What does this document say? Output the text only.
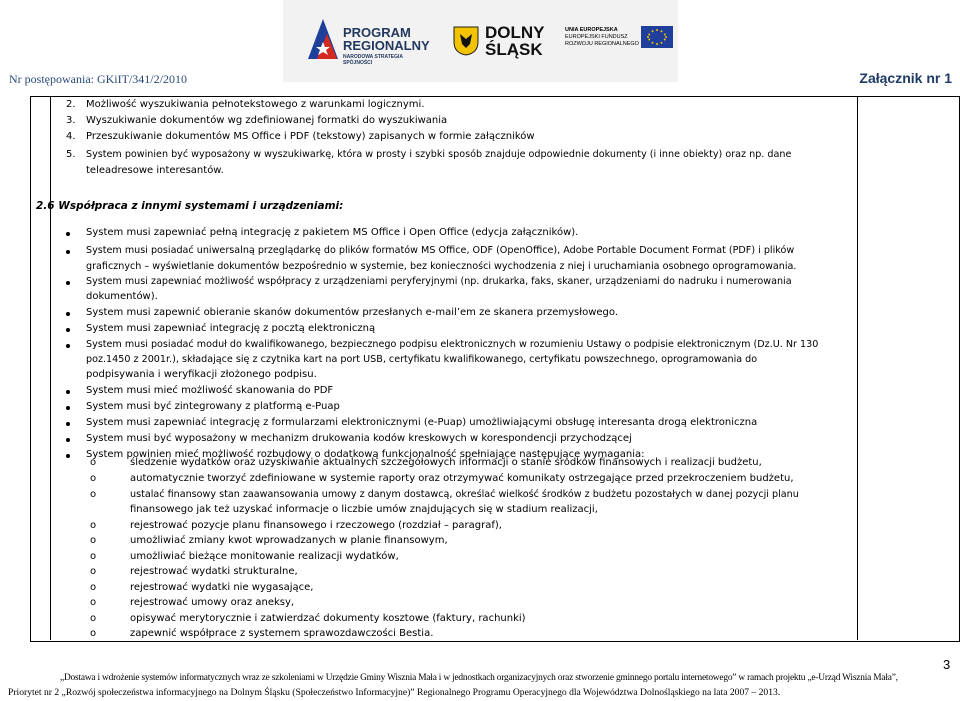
PROGRAM
REGIONALNY
NARODOWA STRATEGIA SPÓJNOŚCI
DOLNY
ŚLĄSK
UNIA EUROPEJSKA
EUROPEJSKI FUNDUSZ
ROZWOJU REGIONALNEGO
Nr postępowania: GKiIT/341/2/2010	Załącznik nr 1
2. Możliwość wyszukiwania pełnotekstowego z warunkami logicznymi.
3. Wyszukiwanie dokumentów wg zdefiniowanej formatki do wyszukiwania
4. Przeszukiwanie dokumentów MS Office i PDF (tekstowy) zapisanych w formie załączników
5. System powinien być wyposażony w wyszukiwarkę, która w prosty i szybki sposób znajduje odpowiednie dokumenty (i inne obiekty) oraz np. dane
teleadresowe interesantów.
2.6 Współpraca z innymi systemami i urządzeniami:
System musi zapewniać pełną integrację z pakietem MS Office i Open Office (edycja załączników).
System musi posiadać uniwersalną przeglądarkę do plików formatów MS Office, ODF (OpenOffice), Adobe Portable Document Format (PDF) i plików
graficznych – wyświetlanie dokumentów bezpośrednio w systemie, bez konieczności wychodzenia z niej i uruchamiania osobnego oprogramowania.
System musi zapewniać możliwość współpracy z urządzeniami peryferyjnymi (np. drukarka, faks, skaner, urządzeniami do nadruku i numerowania
dokumentów).
System musi zapewnić obieranie skanów dokumentów przesłanych e-mail’em ze skanera przemysłowego.
System musi zapewniać integrację z pocztą elektroniczną
System musi posiadać moduł do kwalifikowanego, bezpiecznego podpisu elektronicznych w rozumieniu Ustawy o podpisie elektronicznym (Dz.U. Nr 130
poz.1450 z 2001r.), składające się z czytnika kart na port USB, certyfikatu kwalifikowanego, certyfikatu powszechnego, oprogramowania do
podpisywania i weryfikacji złożonego podpisu.
System musi mieć możliwość skanowania do PDF
System musi być zintegrowany z platformą e-Puap
System musi zapewniać integrację z formularzami elektronicznymi (e-Puap) umożliwiającymi obsługę interesanta drogą elektroniczna
System musi być wyposażony w mechanizm drukowania kodów kreskowych w korespondencji przychodzącej
System powinien mieć możliwość rozbudowy o dodatkową funkcjonalność spełniające następujące wymagania:
o	śledzenie wydatków oraz uzyskiwanie aktualnych szczegółowych informacji o stanie środków finansowych i realizacji budżetu,
o	automatycznie tworzyć zdefiniowane w systemie raporty oraz otrzymywać komunikaty ostrzegające przed przekroczeniem budżetu,
o	ustalać finansowy stan zaawansowania umowy z danym dostawcą, określać wielkość środków z budżetu pozostałych w danej pozycji planu
finansowego jak też uzyskać informacje o liczbie umów znajdujących się w stadium realizacji,
o	rejestrować pozycje planu finansowego i rzeczowego (rozdział – paragraf),
o	umożliwiać zmiany kwot wprowadzanych w planie finansowym,
o	umożliwiać bieżące monitowanie realizacji wydatków,
o	rejestrować wydatki strukturalne,
o	rejestrować wydatki nie wygasające,
o	rejestrować umowy oraz aneksy,
o	opisywać merytorycznie i zatwierdzać dokumenty kosztowe (faktury, rachunki)
o	zapewnić współprace z systemem sprawozdawczości Bestia.
3
„Dostawa i wdrożenie systemów informatycznych wraz ze szkoleniami w Urzędzie Gminy Wisznia Mała i w jednostkach organizacyjnych oraz stworzenie gminnego portalu internetowego” w ramach projektu „e-Urząd Wisznia Mała”,
Priorytet nr 2 „Rozwój społeczeństwa informacyjnego na Dolnym Śląsku (Społeczeństwo Informacyjne)” Regionalnego Programu Operacyjnego dla Województwa Dolnośląskiego na lata 2007 – 2013.
